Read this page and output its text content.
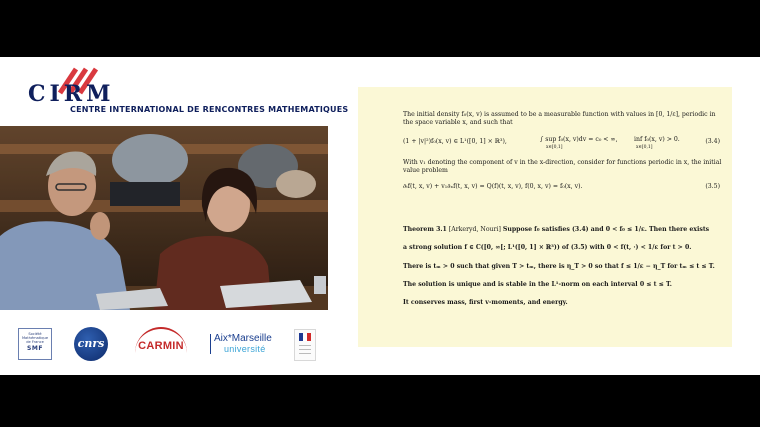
CIRM

CENTRE INTERNATIONAL DE RENCONTRES MATHEMATIQUES

Société
Mathématique
de France
SMF	cnrs	CARMIN
Aix*Marseille
université

The initial density f₀(x, v) is assumed to be a measurable function with values in [0, 1/ε], periodic in the space variable x, and such that

(1 + |v|²)f₀(x, v) ∈ L¹([0, 1] × ℝ³),	∫ sup f₀(x, v)dv = c₀ < ∞,
x∈[0,1]
inf f₀(x, v) > 0.
x∈[0,1]
(3.4)

With v₁ denoting the component of v in the x-direction, consider for functions periodic in x, the initial value problem

∂ₜf(t, x, v) + v₁∂ₓf(t, x, v) = Q(f)(t, x, v), f(0, x, v) = f₀(x, v).	(3.5)

Theorem 3.1 [Arkeryd, Nouri] Suppose f₀ satisfies (3.4) and 0 < f₀ ≤ 1/ε. Then there exists

a strong solution f ∈ C([0, ∞[; L¹([0, 1] × ℝ³)) of (3.5) with 0 < f(t, ·) < 1/ε for t > 0.

There is tₘ > 0 such that given T > tₘ, there is η_T > 0 so that f ≤ 1/ε − η_T for tₘ ≤ t ≤ T.

The solution is unique and is stable in the L¹-norm on each interval 0 ≤ t ≤ T.

It conserves mass, first v-moments, and energy.
